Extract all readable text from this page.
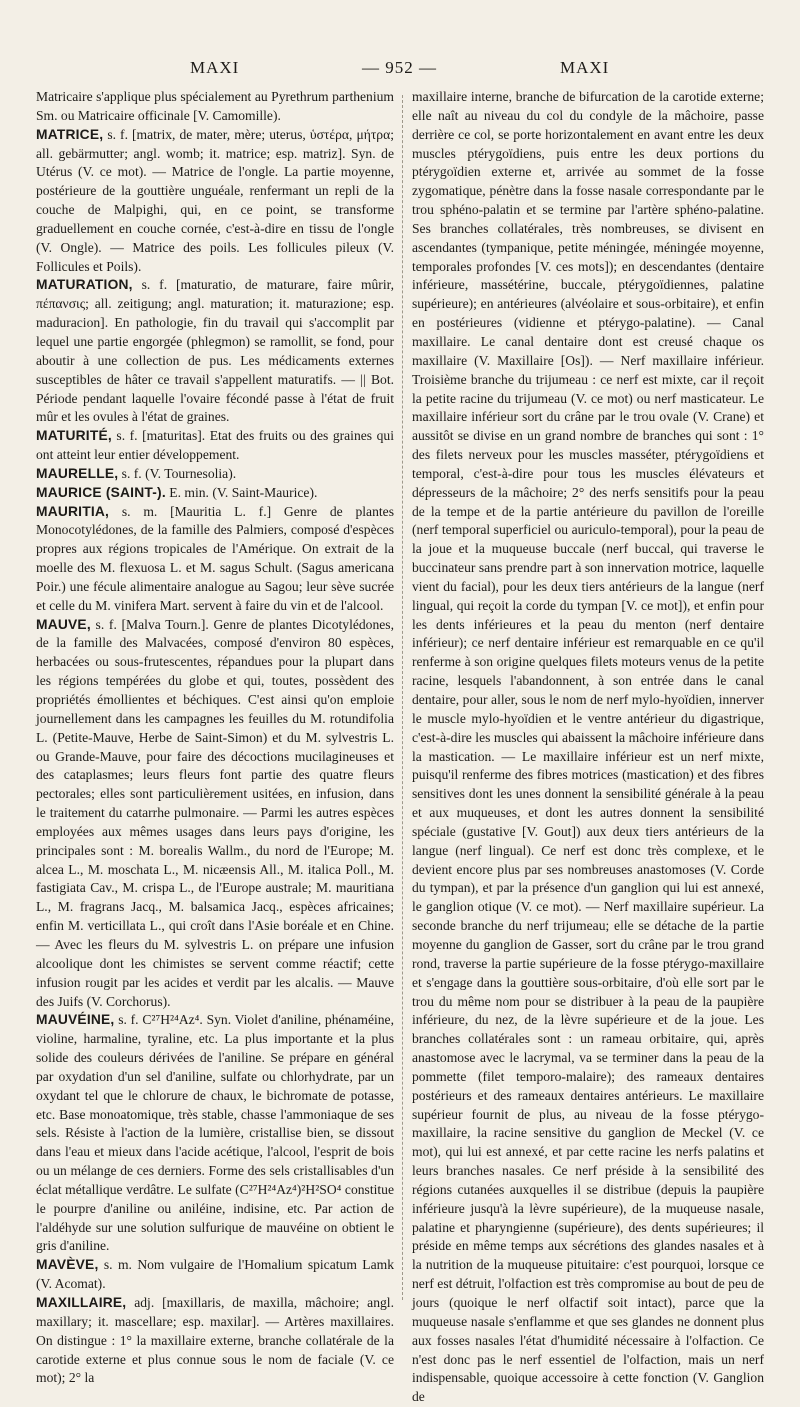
MAXI	— 952 —	MAXI

Matricaire s'applique plus spécialement au Pyrethrum parthenium Sm. ou Matricaire officinale [V. Camomille).

MATRICE, s. f. [matrix, de mater, mère; uterus, ὑστέρα, μήτρα; all. gebärmutter; angl. womb; it. matrice; esp. matriz]. Syn. de Utérus (V. ce mot). — Matrice de l'ongle. La partie moyenne, postérieure de la gouttière unguéale, renfermant un repli de la couche de Malpighi, qui, en ce point, se transforme graduellement en couche cornée, c'est-à-dire en tissu de l'ongle (V. Ongle). — Matrice des poils. Les follicules pileux (V. Follicules et Poils).

MATURATION, s. f. [maturatio, de maturare, faire mûrir, πέπανσις; all. zeitigung; angl. maturation; it. maturazione; esp. maduracion]. En pathologie, fin du travail qui s'accomplit par lequel une partie engorgée (phlegmon) se ramollit, se fond, pour aboutir à une collection de pus. Les médicaments externes susceptibles de hâter ce travail s'appellent maturatifs. — || Bot. Période pendant laquelle l'ovaire fécondé passe à l'état de fruit mûr et les ovules à l'état de graines.

MATURITÉ, s. f. [maturitas]. Etat des fruits ou des graines qui ont atteint leur entier développement.

MAURELLE, s. f. (V. Tournesolia).

MAURICE (SAINT-). E. min. (V. Saint-Maurice).

MAURITIA, s. m. [Mauritia L. f.] Genre de plantes Monocotylédones, de la famille des Palmiers, composé d'espèces propres aux régions tropicales de l'Amérique. On extrait de la moelle des M. flexuosa L. et M. sagus Schult. (Sagus americana Poir.) une fécule alimentaire analogue au Sagou; leur sève sucrée et celle du M. vinifera Mart. servent à faire du vin et de l'alcool.

MAUVE, s. f. [Malva Tourn.]. Genre de plantes Dicotylédones, de la famille des Malvacées, composé d'environ 80 espèces, herbacées ou sous-frutescentes, répandues pour la plupart dans les régions tempérées du globe et qui, toutes, possèdent des propriétés émollientes et béchiques. C'est ainsi qu'on emploie journellement dans les campagnes les feuilles du M. rotundifolia L. (Petite-Mauve, Herbe de Saint-Simon) et du M. sylvestris L. ou Grande-Mauve, pour faire des décoctions mucilagineuses et des cataplasmes; leurs fleurs font partie des quatre fleurs pectorales; elles sont particulièrement usitées, en infusion, dans le traitement du catarrhe pulmonaire. — Parmi les autres espèces employées aux mêmes usages dans leurs pays d'origine, les principales sont : M. borealis Wallm., du nord de l'Europe; M. alcea L., M. moschata L., M. nicæensis All., M. italica Poll., M. fastigiata Cav., M. crispa L., de l'Europe australe; M. mauritiana L., M. fragrans Jacq., M. balsamica Jacq., espèces africaines; enfin M. verticillata L., qui croît dans l'Asie boréale et en Chine. — Avec les fleurs du M. sylvestris L. on prépare une infusion alcoolique dont les chimistes se servent comme réactif; cette infusion rougit par les acides et verdit par les alcalis. — Mauve des Juifs (V. Corchorus).

MAUVÉINE, s. f. C²⁷H²⁴Az⁴. Syn. Violet d'aniline, phénaméine, violine, harmaline, tyraline, etc. La plus importante et la plus solide des couleurs dérivées de l'aniline. Se prépare en général par oxydation d'un sel d'aniline, sulfate ou chlorhydrate, par un oxydant tel que le chlorure de chaux, le bichromate de potasse, etc. Base monoatomique, très stable, chasse l'ammoniaque de ses sels. Résiste à l'action de la lumière, cristallise bien, se dissout dans l'eau et mieux dans l'acide acétique, l'alcool, l'esprit de bois ou un mélange de ces derniers. Forme des sels cristallisables d'un éclat métallique verdâtre. Le sulfate (C²⁷H²⁴Az⁴)²H²SO⁴ constitue le pourpre d'aniline ou aniléine, indisine, etc. Par action de l'aldéhyde sur une solution sulfurique de mauvéine on obtient le gris d'aniline.

MAVÈVE, s. m. Nom vulgaire de l'Homalium spicatum Lamk (V. Acomat).

MAXILLAIRE, adj. [maxillaris, de maxilla, mâchoire; angl. maxillary; it. mascellare; esp. maxilar]. — Artères maxillaires. On distingue : 1° la maxillaire externe, branche collatérale de la carotide externe et plus connue sous le nom de faciale (V. ce mot); 2° la

maxillaire interne, branche de bifurcation de la carotide externe; elle naît au niveau du col du condyle de la mâchoire, passe derrière ce col, se porte horizontalement en avant entre les deux muscles ptérygoïdiens, puis entre les deux portions du ptérygoïdien externe et, arrivée au sommet de la fosse zygomatique, pénètre dans la fosse nasale correspondante par le trou sphéno-palatin et se termine par l'artère sphéno-palatine. Ses branches collatérales, très nombreuses, se divisent en ascendantes (tympanique, petite méningée, méningée moyenne, temporales profondes [V. ces mots]); en descendantes (dentaire inférieure, massétérine, buccale, ptérygoïdiennes, palatine supérieure); en antérieures (alvéolaire et sous-orbitaire), et enfin en postérieures (vidienne et ptérygo-palatine). — Canal maxillaire. Le canal dentaire dont est creusé chaque os maxillaire (V. Maxillaire [Os]). — Nerf maxillaire inférieur. Troisième branche du trijumeau : ce nerf est mixte, car il reçoit la petite racine du trijumeau (V. ce mot) ou nerf masticateur. Le maxillaire inférieur sort du crâne par le trou ovale (V. Crane) et aussitôt se divise en un grand nombre de branches qui sont : 1° des filets nerveux pour les muscles masséter, ptérygoïdiens et temporal, c'est-à-dire pour tous les muscles élévateurs et dépresseurs de la mâchoire; 2° des nerfs sensitifs pour la peau de la tempe et de la partie antérieure du pavillon de l'oreille (nerf temporal superficiel ou auriculo-temporal), pour la peau de la joue et la muqueuse buccale (nerf buccal, qui traverse le buccinateur sans prendre part à son innervation motrice, laquelle vient du facial), pour les deux tiers antérieurs de la langue (nerf lingual, qui reçoit la corde du tympan [V. ce mot]), et enfin pour les dents inférieures et la peau du menton (nerf dentaire inférieur); ce nerf dentaire inférieur est remarquable en ce qu'il renferme à son origine quelques filets moteurs venus de la petite racine, lesquels l'abandonnent, à son entrée dans le canal dentaire, pour aller, sous le nom de nerf mylo-hyoïdien, innerver le muscle mylo-hyoïdien et le ventre antérieur du digastrique, c'est-à-dire les muscles qui abaissent la mâchoire inférieure dans la mastication. — Le maxillaire inférieur est un nerf mixte, puisqu'il renferme des fibres motrices (mastication) et des fibres sensitives dont les unes donnent la sensibilité générale à la peau et aux muqueuses, et dont les autres donnent la sensibilité spéciale (gustative [V. Gout]) aux deux tiers antérieurs de la langue (nerf lingual). Ce nerf est donc très complexe, et le devient encore plus par ses nombreuses anastomoses (V. Corde du tympan), et par la présence d'un ganglion qui lui est annexé, le ganglion otique (V. ce mot). — Nerf maxillaire supérieur. La seconde branche du nerf trijumeau; elle se détache de la partie moyenne du ganglion de Gasser, sort du crâne par le trou grand rond, traverse la partie supérieure de la fosse ptérygo-maxillaire et s'engage dans la gouttière sous-orbitaire, d'où elle sort par le trou du même nom pour se distribuer à la peau de la paupière inférieure, du nez, de la lèvre supérieure et de la joue. Les branches collatérales sont : un rameau orbitaire, qui, après anastomose avec le lacrymal, va se terminer dans la peau de la pommette (filet temporo-malaire); des rameaux dentaires postérieurs et des rameaux dentaires antérieurs. Le maxillaire supérieur fournit de plus, au niveau de la fosse ptérygo-maxillaire, la racine sensitive du ganglion de Meckel (V. ce mot), qui lui est annexé, et par cette racine les nerfs palatins et leurs branches nasales. Ce nerf préside à la sensibilité des régions cutanées auxquelles il se distribue (depuis la paupière inférieure jusqu'à la lèvre supérieure), de la muqueuse nasale, palatine et pharyngienne (supérieure), des dents supérieures; il préside en même temps aux sécrétions des glandes nasales et à la nutrition de la muqueuse pituitaire: c'est pourquoi, lorsque ce nerf est détruit, l'olfaction est très compromise au bout de peu de jours (quoique le nerf olfactif soit intact), parce que la muqueuse nasale s'enflamme et que ses glandes ne donnent plus aux fosses nasales l'état d'humidité nécessaire à l'olfaction. Ce n'est donc pas le nerf essentiel de l'olfaction, mais un nerf indispensable, quoique accessoire à cette fonction (V. Ganglion de
